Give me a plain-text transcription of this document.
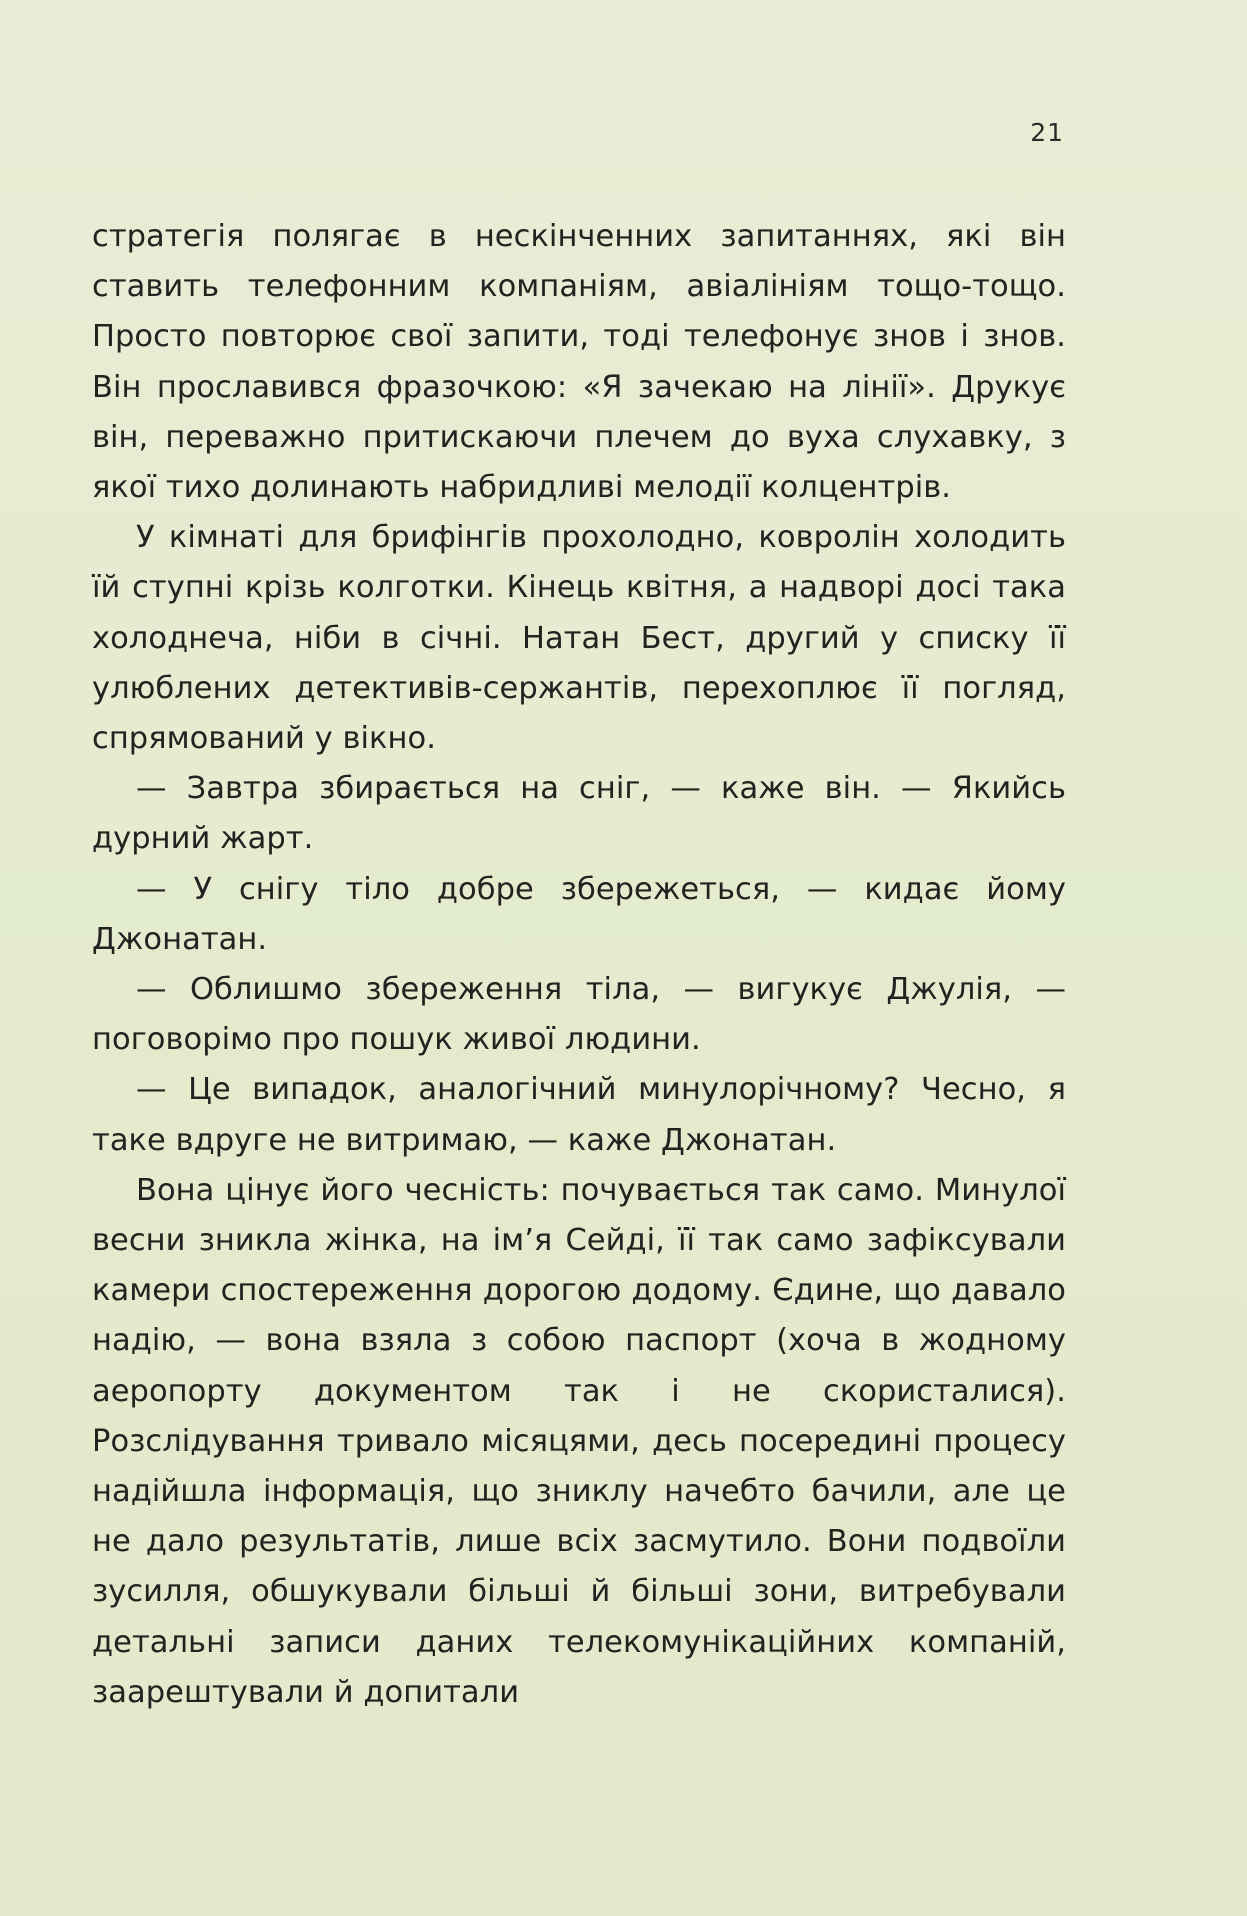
21

стратегія полягає в нескінченних запитаннях, які він ставить телефонним компаніям, авіалініям тощо-тощо. Просто повторює свої запити, тоді телефонує знов і знов. Він прославився фразочкою: «Я зачекаю на лінії». Друкує він, переважно притискаючи плечем до вуха слухавку, з якої тихо долинають набридливі мелодії колцентрів.

У кімнаті для брифінгів прохолодно, ковролін холодить їй ступні крізь колготки. Кінець квітня, а надворі досі така холоднеча, ніби в січні. Натан Бест, другий у списку її улюблених детективів-сержантів, перехоплює її погляд, спрямований у вікно.

— Завтра збирається на сніг, — каже він. — Якийсь дурний жарт.

— У снігу тіло добре збережеться, — кидає йому Джонатан.

— Облишмо збереження тіла, — вигукує Джулія, — поговорімо про пошук живої людини.

— Це випадок, аналогічний минулорічному? Чесно, я таке вдруге не витримаю, — каже Джонатан.

Вона цінує його чесність: почувається так само. Минулої весни зникла жінка, на ім’я Сейді, її так само зафіксували камери спостереження дорогою додому. Єдине, що давало надію, — вона взяла з собою паспорт (хоча в жодному аеропорту документом так і не скористалися). Розслідування тривало місяцями, десь посередині процесу надійшла інформація, що зниклу начебто бачили, але це не дало результатів, лише всіх засмутило. Вони подвоїли зусилля, обшукували більші й більші зони, витребували детальні записи даних телекомунікаційних компаній, заарештували й допитали
